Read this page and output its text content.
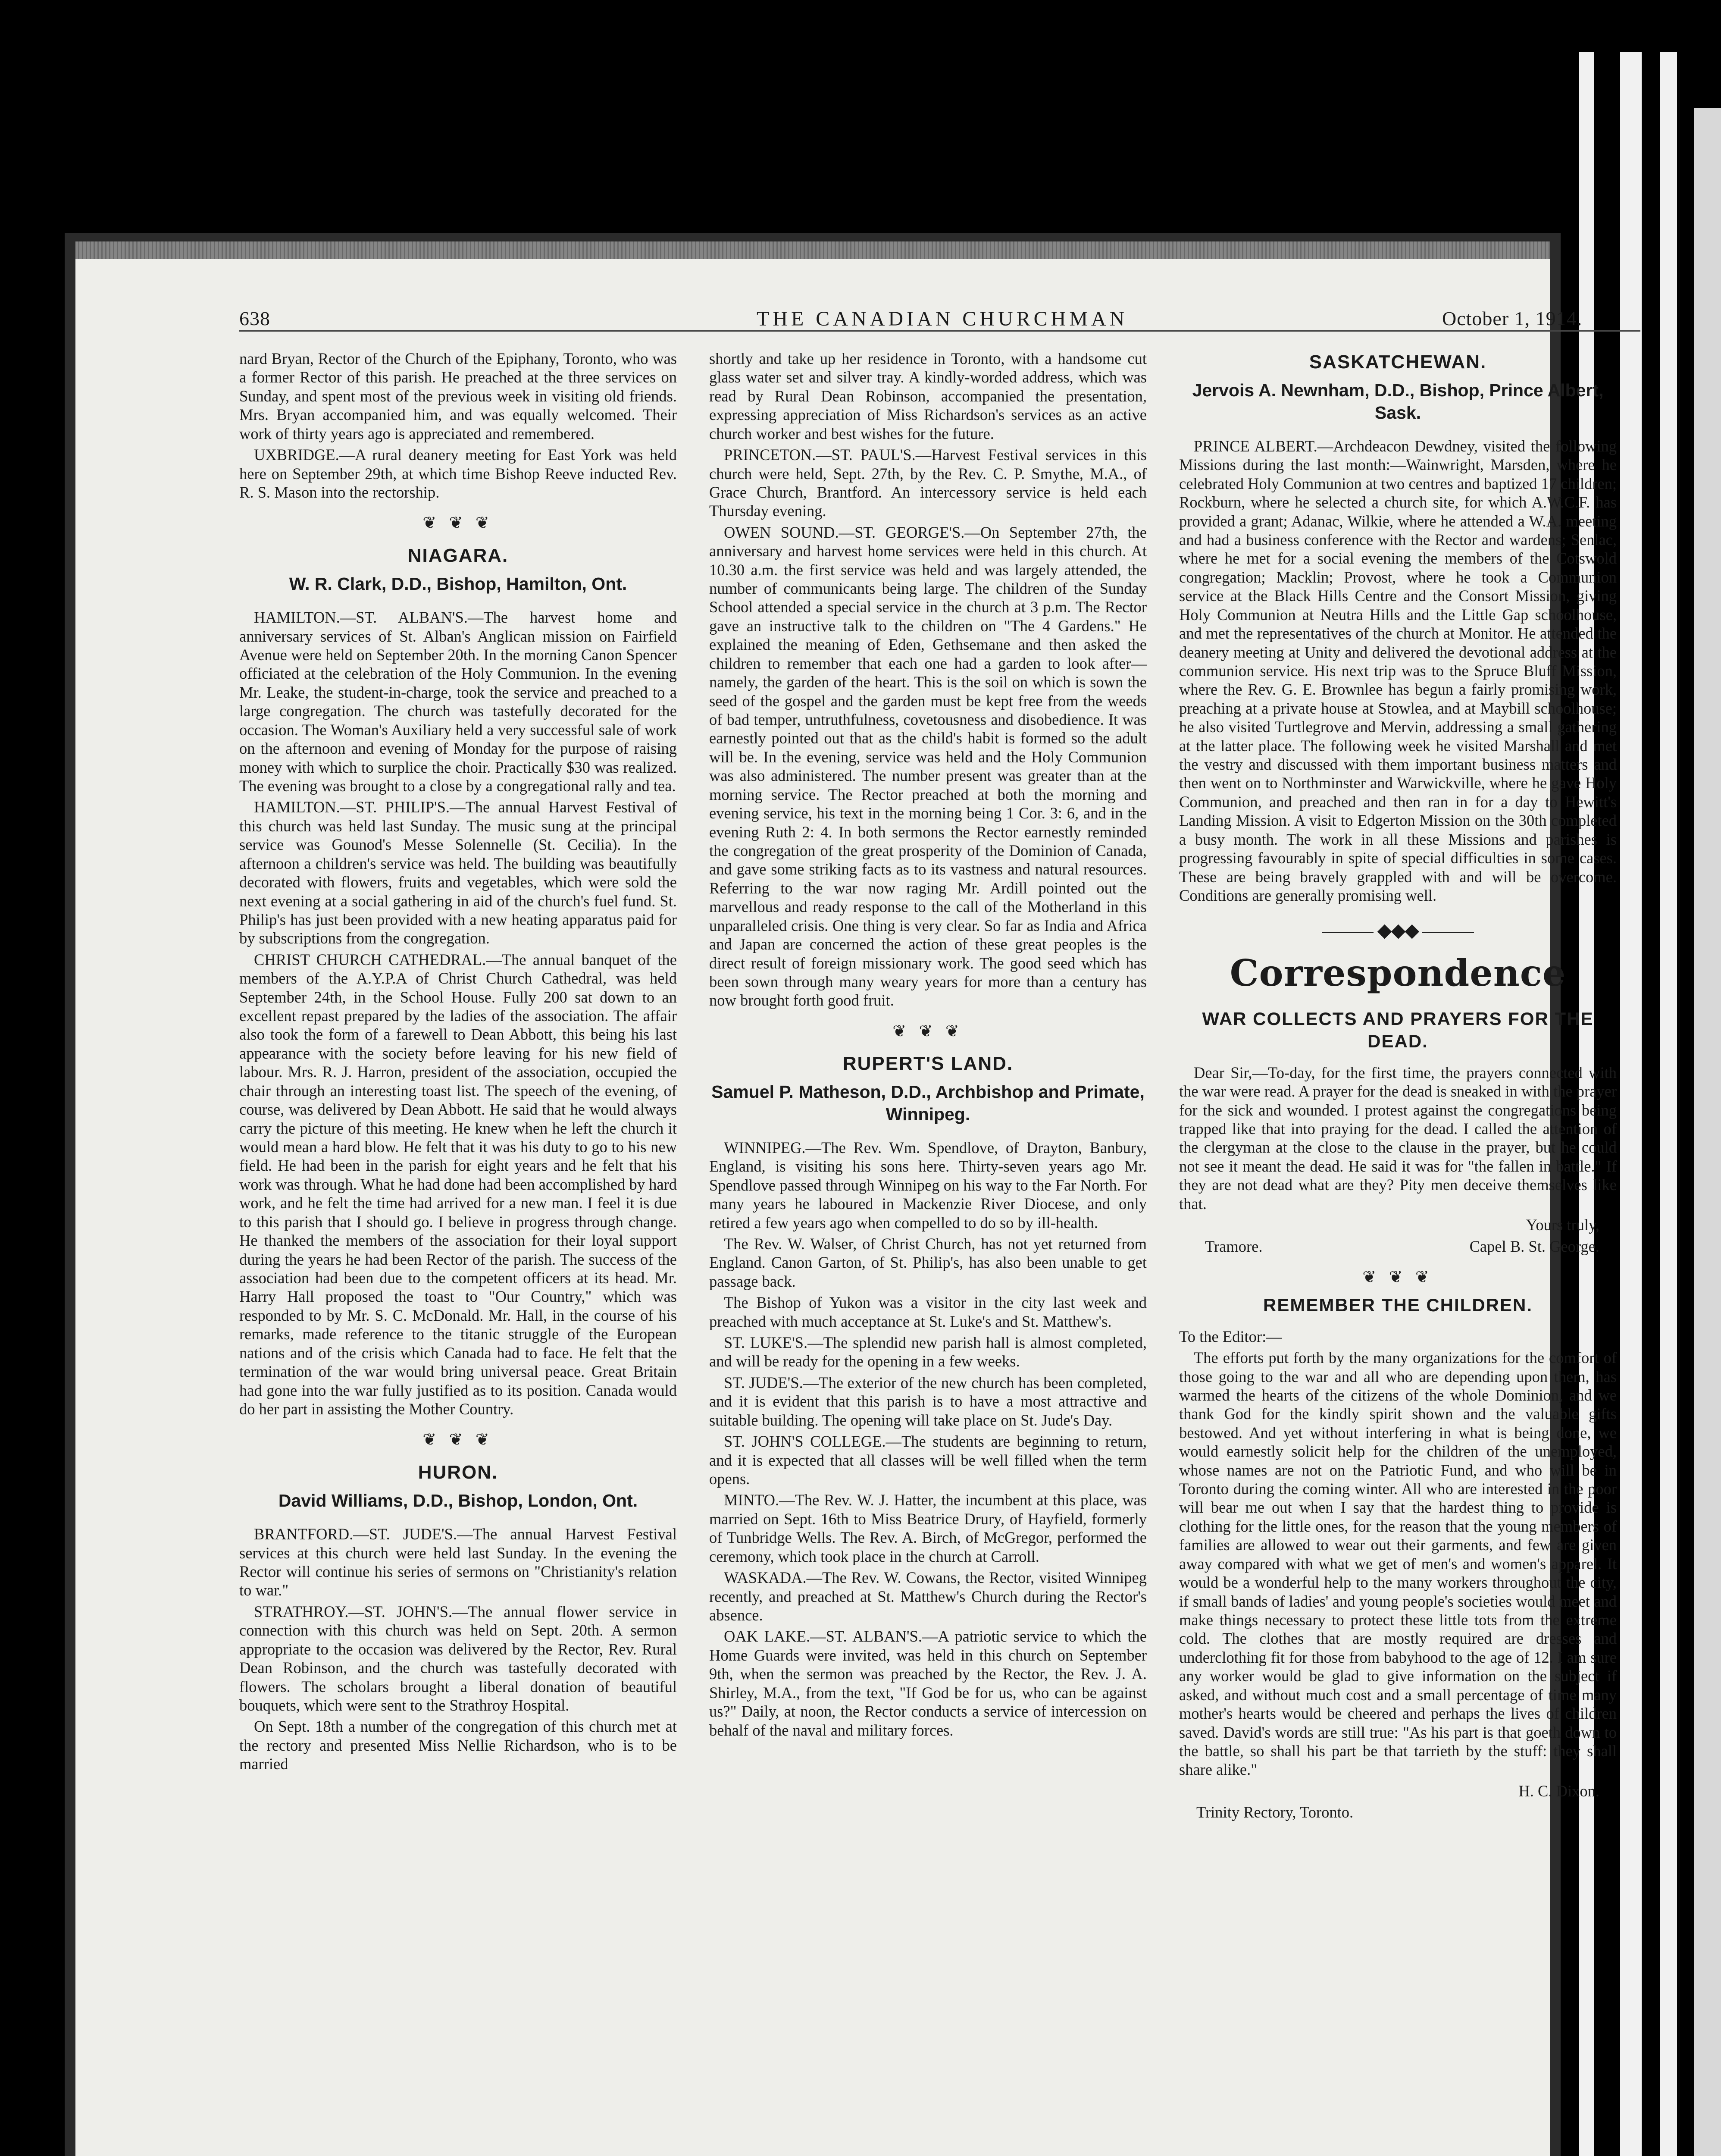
638	THE CANADIAN CHURCHMAN	October 1, 1914.

nard Bryan, Rector of the Church of the Epiphany, Toronto, who was a former Rector of this parish. He preached at the three services on Sunday, and spent most of the previous week in visiting old friends. Mrs. Bryan accompanied him, and was equally welcomed. Their work of thirty years ago is appreciated and remembered.

UXBRIDGE.—A rural deanery meeting for East York was held here on September 29th, at which time Bishop Reeve inducted Rev. R. S. Mason into the rectorship.

❦ ❦ ❦
NIAGARA.
W. R. Clark, D.D., Bishop, Hamilton, Ont.

HAMILTON.—ST. ALBAN'S.—The harvest home and anniversary services of St. Alban's Anglican mission on Fairfield Avenue were held on September 20th. In the morning Canon Spencer officiated at the celebration of the Holy Communion. In the evening Mr. Leake, the student-in-charge, took the service and preached to a large congregation. The church was tastefully decorated for the occasion. The Woman's Auxiliary held a very successful sale of work on the afternoon and evening of Monday for the purpose of raising money with which to surplice the choir. Practically $30 was realized. The evening was brought to a close by a congregational rally and tea.

HAMILTON.—ST. PHILIP'S.—The annual Harvest Festival of this church was held last Sunday. The music sung at the principal service was Gounod's Messe Solennelle (St. Cecilia). In the afternoon a children's service was held. The building was beautifully decorated with flowers, fruits and vegetables, which were sold the next evening at a social gathering in aid of the church's fuel fund. St. Philip's has just been provided with a new heating apparatus paid for by subscriptions from the congregation.

CHRIST CHURCH CATHEDRAL.—The annual banquet of the members of the A.Y.P.A of Christ Church Cathedral, was held September 24th, in the School House. Fully 200 sat down to an excellent repast prepared by the ladies of the association. The affair also took the form of a farewell to Dean Abbott, this being his last appearance with the society before leaving for his new field of labour. Mrs. R. J. Harron, president of the association, occupied the chair through an interesting toast list. The speech of the evening, of course, was delivered by Dean Abbott. He said that he would always carry the picture of this meeting. He knew when he left the church it would mean a hard blow. He felt that it was his duty to go to his new field. He had been in the parish for eight years and he felt that his work was through. What he had done had been accomplished by hard work, and he felt the time had arrived for a new man. I feel it is due to this parish that I should go. I believe in progress through change. He thanked the members of the association for their loyal support during the years he had been Rector of the parish. The success of the association had been due to the competent officers at its head. Mr. Harry Hall proposed the toast to "Our Country," which was responded to by Mr. S. C. McDonald. Mr. Hall, in the course of his remarks, made reference to the titanic struggle of the European nations and of the crisis which Canada had to face. He felt that the termination of the war would bring universal peace. Great Britain had gone into the war fully justified as to its position. Canada would do her part in assisting the Mother Country.

❦ ❦ ❦
HURON.
David Williams, D.D., Bishop, London, Ont.

BRANTFORD.—ST. JUDE'S.—The annual Harvest Festival services at this church were held last Sunday. In the evening the Rector will continue his series of sermons on "Christianity's relation to war."

STRATHROY.—ST. JOHN'S.—The annual flower service in connection with this church was held on Sept. 20th. A sermon appropriate to the occasion was delivered by the Rector, Rev. Rural Dean Robinson, and the church was tastefully decorated with flowers. The scholars brought a liberal donation of beautiful bouquets, which were sent to the Strathroy Hospital.

On Sept. 18th a number of the congregation of this church met at the rectory and presented Miss Nellie Richardson, who is to be married

shortly and take up her residence in Toronto, with a handsome cut glass water set and silver tray. A kindly-worded address, which was read by Rural Dean Robinson, accompanied the presentation, expressing appreciation of Miss Richardson's services as an active church worker and best wishes for the future.

PRINCETON.—ST. PAUL'S.—Harvest Festival services in this church were held, Sept. 27th, by the Rev. C. P. Smythe, M.A., of Grace Church, Brantford. An intercessory service is held each Thursday evening.

OWEN SOUND.—ST. GEORGE'S.—On September 27th, the anniversary and harvest home services were held in this church. At 10.30 a.m. the first service was held and was largely attended, the number of communicants being large. The children of the Sunday School attended a special service in the church at 3 p.m. The Rector gave an instructive talk to the children on "The 4 Gardens." He explained the meaning of Eden, Gethsemane and then asked the children to remember that each one had a garden to look after—namely, the garden of the heart. This is the soil on which is sown the seed of the gospel and the garden must be kept free from the weeds of bad temper, untruthfulness, covetousness and disobedience. It was earnestly pointed out that as the child's habit is formed so the adult will be. In the evening, service was held and the Holy Communion was also administered. The number present was greater than at the morning service. The Rector preached at both the morning and evening service, his text in the morning being 1 Cor. 3: 6, and in the evening Ruth 2: 4. In both sermons the Rector earnestly reminded the congregation of the great prosperity of the Dominion of Canada, and gave some striking facts as to its vastness and natural resources. Referring to the war now raging Mr. Ardill pointed out the marvellous and ready response to the call of the Motherland in this unparalleled crisis. One thing is very clear. So far as India and Africa and Japan are concerned the action of these great peoples is the direct result of foreign missionary work. The good seed which has been sown through many weary years for more than a century has now brought forth good fruit.

❦ ❦ ❦
RUPERT'S LAND.
Samuel P. Matheson, D.D., Archbishop and Primate, Winnipeg.

WINNIPEG.—The Rev. Wm. Spendlove, of Drayton, Banbury, England, is visiting his sons here. Thirty-seven years ago Mr. Spendlove passed through Winnipeg on his way to the Far North. For many years he laboured in Mackenzie River Diocese, and only retired a few years ago when compelled to do so by ill-health.

The Rev. W. Walser, of Christ Church, has not yet returned from England. Canon Garton, of St. Philip's, has also been unable to get passage back.

The Bishop of Yukon was a visitor in the city last week and preached with much acceptance at St. Luke's and St. Matthew's.

ST. LUKE'S.—The splendid new parish hall is almost completed, and will be ready for the opening in a few weeks.

ST. JUDE'S.—The exterior of the new church has been completed, and it is evident that this parish is to have a most attractive and suitable building. The opening will take place on St. Jude's Day.

ST. JOHN'S COLLEGE.—The students are beginning to return, and it is expected that all classes will be well filled when the term opens.

MINTO.—The Rev. W. J. Hatter, the incumbent at this place, was married on Sept. 16th to Miss Beatrice Drury, of Hayfield, formerly of Tunbridge Wells. The Rev. A. Birch, of McGregor, performed the ceremony, which took place in the church at Carroll.

WASKADA.—The Rev. W. Cowans, the Rector, visited Winnipeg recently, and preached at St. Matthew's Church during the Rector's absence.

OAK LAKE.—ST. ALBAN'S.—A patriotic service to which the Home Guards were invited, was held in this church on September 9th, when the sermon was preached by the Rector, the Rev. J. A. Shirley, M.A., from the text, "If God be for us, who can be against us?" Daily, at noon, the Rector conducts a service of intercession on behalf of the naval and military forces.

SASKATCHEWAN.
Jervois A. Newnham, D.D., Bishop, Prince Albert, Sask.

PRINCE ALBERT.—Archdeacon Dewdney, visited the following Missions during the last month:—Wainwright, Marsden, where he celebrated Holy Communion at two centres and baptized 17 children; Rockburn, where he selected a church site, for which A.W.C.F. has provided a grant; Adanac, Wilkie, where he attended a W.A. meeting and had a business conference with the Rector and wardens; Senlac, where he met for a social evening the members of the Cotswold congregation; Macklin; Provost, where he took a Communion service at the Black Hills Centre and the Consort Mission, giving Holy Communion at Neutra Hills and the Little Gap schoolhouse, and met the representatives of the church at Monitor. He attended the deanery meeting at Unity and delivered the devotional address at the communion service. His next trip was to the Spruce Bluff Mission, where the Rev. G. E. Brownlee has begun a fairly promising work, preaching at a private house at Stowlea, and at Maybill schoolhouse; he also visited Turtlegrove and Mervin, addressing a small gathering at the latter place. The following week he visited Marshall and met the vestry and discussed with them important business matters and then went on to Northminster and Warwickville, where he gave Holy Communion, and preached and then ran in for a day to Hewitt's Landing Mission. A visit to Edgerton Mission on the 30th completed a busy month. The work in all these Missions and parishes is progressing favourably in spite of special difficulties in some cases. These are being bravely grappled with and will be overcome. Conditions are generally promising well.

◆◆◆
Correspondence
WAR COLLECTS AND PRAYERS FOR THE DEAD.

Dear Sir,—To-day, for the first time, the prayers connected with the war were read. A prayer for the dead is sneaked in with the prayer for the sick and wounded. I protest against the congregations being trapped like that into praying for the dead. I called the attention of the clergyman at the close to the clause in the prayer, but he could not see it meant the dead. He said it was for "the fallen in battle." If they are not dead what are they? Pity men deceive themselves like that.

Yours truly,

Tramore.	Capel B. St. George.
❦ ❦ ❦
REMEMBER THE CHILDREN.

To the Editor:—

The efforts put forth by the many organizations for the comfort of those going to the war and all who are depending upon them, has warmed the hearts of the citizens of the whole Dominion, and we thank God for the kindly spirit shown and the valuable gifts bestowed. And yet without interfering in what is being done, we would earnestly solicit help for the children of the unemployed, whose names are not on the Patriotic Fund, and who will be in Toronto during the coming winter. All who are interested in the poor will bear me out when I say that the hardest thing to provide is clothing for the little ones, for the reason that the young members of families are allowed to wear out their garments, and few are given away compared with what we get of men's and women's apparel. It would be a wonderful help to the many workers throughout the city, if small bands of ladies' and young people's societies would meet and make things necessary to protect these little tots from the extreme cold. The clothes that are mostly required are dresses and underclothing fit for those from babyhood to the age of 12. I am sure any worker would be glad to give information on the subject if asked, and without much cost and a small percentage of time many mother's hearts would be cheered and perhaps the lives of children saved. David's words are still true: "As his part is that goeth down to the battle, so shall his part be that tarrieth by the stuff: they shall share alike."

H. C. Dixon.

Trinity Rectory, Toronto.
